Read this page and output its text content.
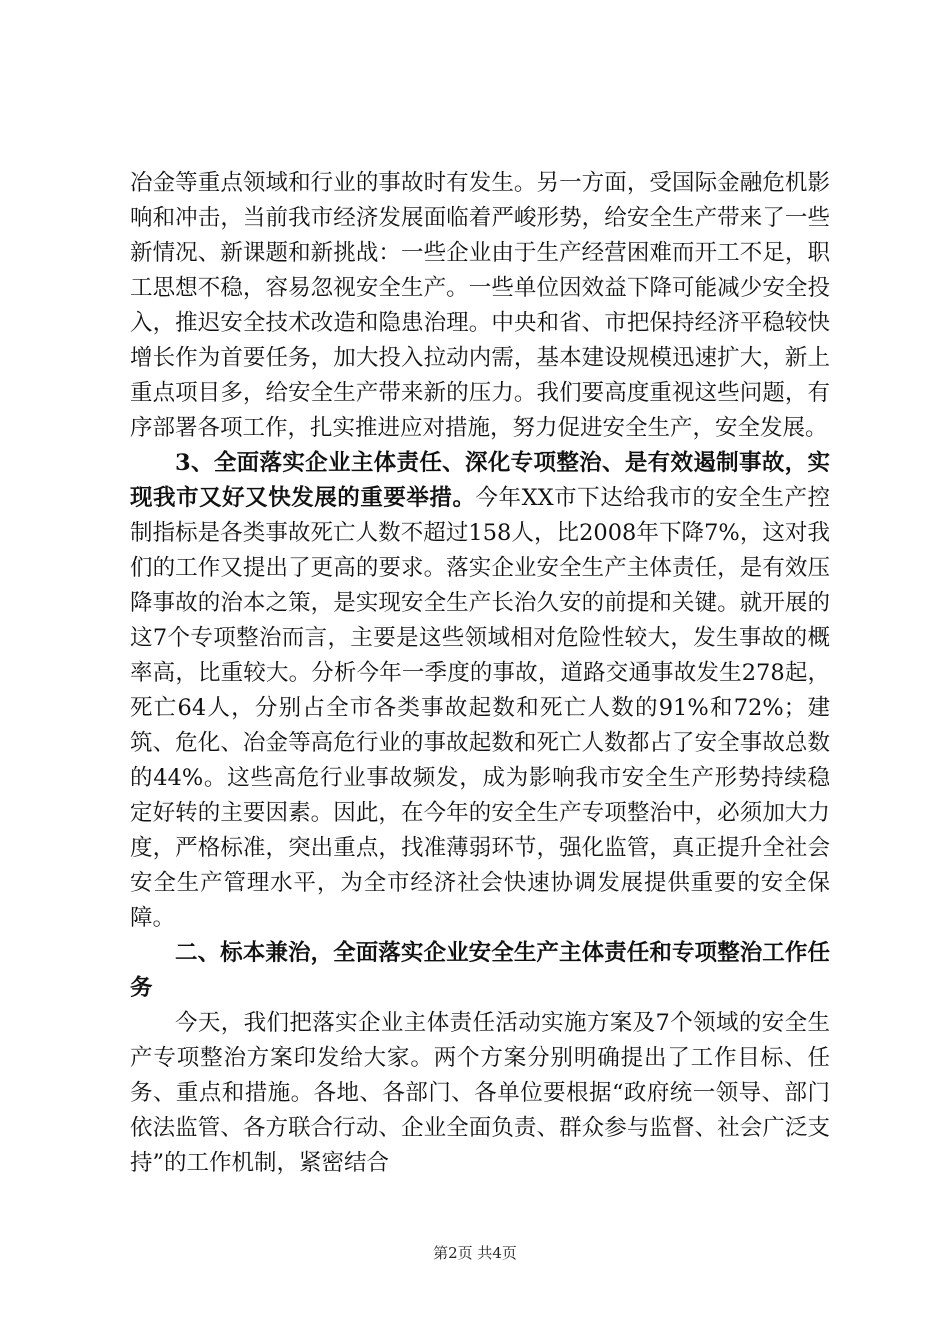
冶金等重点领域和行业的事故时有发生。另一方面，受国际金融危机影响和冲击，当前我市经济发展面临着严峻形势，给安全生产带来了一些新情况、新课题和新挑战：一些企业由于生产经营困难而开工不足，职工思想不稳，容易忽视安全生产。一些单位因效益下降可能减少安全投入，推迟安全技术改造和隐患治理。中央和省、市把保持经济平稳较快增长作为首要任务，加大投入拉动内需，基本建设规模迅速扩大，新上重点项目多，给安全生产带来新的压力。我们要高度重视这些问题，有序部署各项工作，扎实推进应对措施，努力促进安全生产，安全发展。

3、全面落实企业主体责任、深化专项整治、是有效遏制事故，实现我市又好又快发展的重要举措。今年XX市下达给我市的安全生产控制指标是各类事故死亡人数不超过158人，比2008年下降7%，这对我们的工作又提出了更高的要求。落实企业安全生产主体责任，是有效压降事故的治本之策，是实现安全生产长治久安的前提和关键。就开展的这7个专项整治而言，主要是这些领域相对危险性较大，发生事故的概率高，比重较大。分析今年一季度的事故，道路交通事故发生278起，死亡64人，分别占全市各类事故起数和死亡人数的91%和72%；建筑、危化、冶金等高危行业的事故起数和死亡人数都占了安全事故总数的44%。这些高危行业事故频发，成为影响我市安全生产形势持续稳定好转的主要因素。因此，在今年的安全生产专项整治中，必须加大力度，严格标准，突出重点，找准薄弱环节，强化监管，真正提升全社会安全生产管理水平，为全市经济社会快速协调发展提供重要的安全保障。

二、标本兼治，全面落实企业安全生产主体责任和专项整治工作任务

今天，我们把落实企业主体责任活动实施方案及7个领域的安全生产专项整治方案印发给大家。两个方案分别明确提出了工作目标、任务、重点和措施。各地、各部门、各单位要根据“政府统一领导、部门依法监管、各方联合行动、企业全面负责、群众参与监督、社会广泛支持”的工作机制，紧密结合

第2页 共4页
